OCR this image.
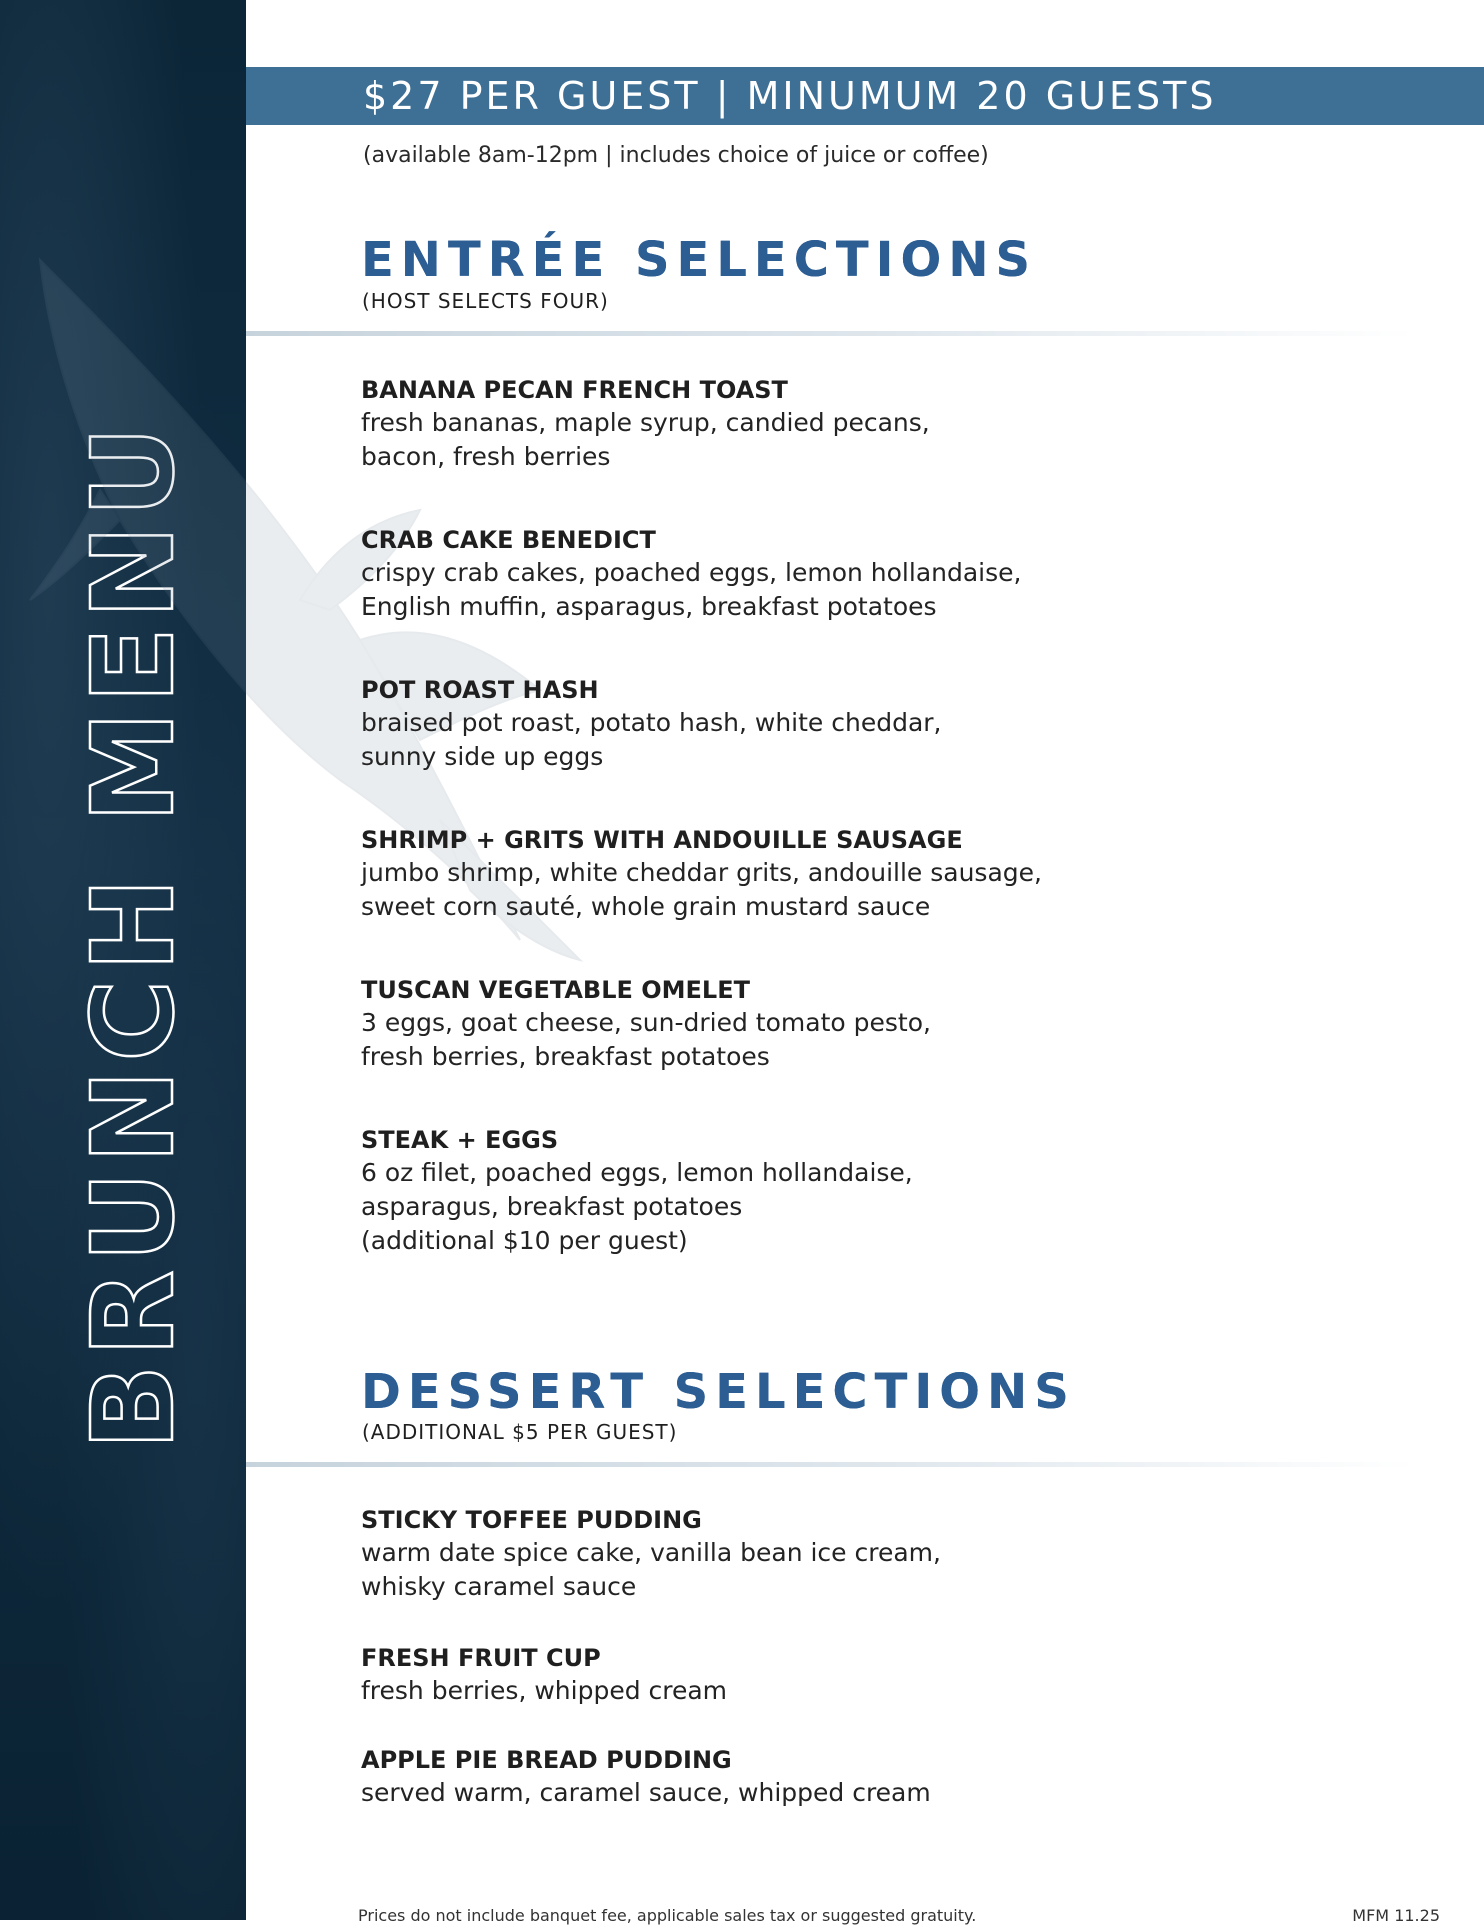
BRUNCH MENU
$27 PER GUEST | MINUMUM 20 GUESTS
(available 8am-12pm | includes choice of juice or coffee)
ENTRÉE SELECTIONS
(HOST SELECTS FOUR)
BANANA PECAN FRENCH TOAST
fresh bananas, maple syrup, candied pecans,
bacon, fresh berries
CRAB CAKE BENEDICT
crispy crab cakes, poached eggs, lemon hollandaise,
English muffin, asparagus, breakfast potatoes
POT ROAST HASH
braised pot roast, potato hash, white cheddar,
sunny side up eggs
SHRIMP + GRITS WITH ANDOUILLE SAUSAGE
jumbo shrimp, white cheddar grits, andouille sausage,
sweet corn sauté, whole grain mustard sauce
TUSCAN VEGETABLE OMELET
3 eggs, goat cheese, sun-dried tomato pesto,
fresh berries, breakfast potatoes
STEAK + EGGS
6 oz filet, poached eggs, lemon hollandaise,
asparagus, breakfast potatoes
(additional $10 per guest)
DESSERT SELECTIONS
(ADDITIONAL $5 PER GUEST)
STICKY TOFFEE PUDDING
warm date spice cake, vanilla bean ice cream,
whisky caramel sauce
FRESH FRUIT CUP
fresh berries, whipped cream
APPLE PIE BREAD PUDDING
served warm, caramel sauce, whipped cream
Prices do not include banquet fee, applicable sales tax or suggested gratuity.	MFM 11.25
